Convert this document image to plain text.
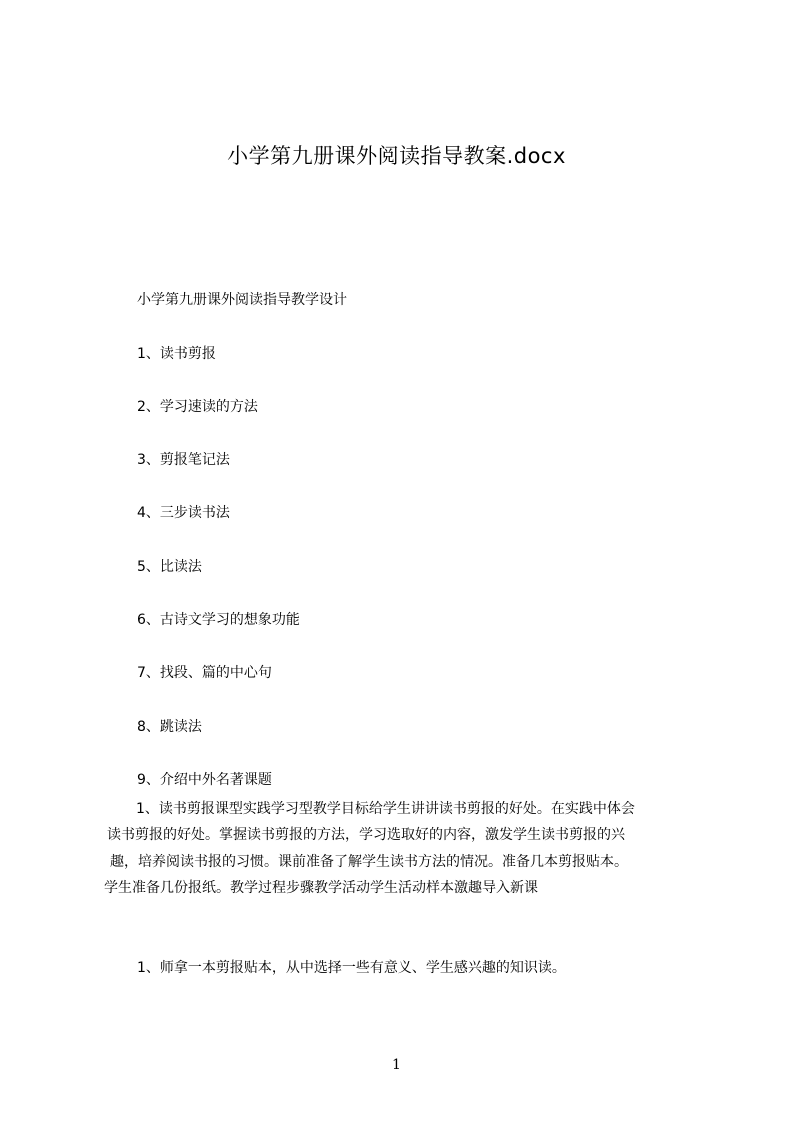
小学第九册课外阅读指导教案.docx
小学第九册课外阅读指导教学设计
1、读书剪报
2、学习速读的方法
3、剪报笔记法
4、三步读书法
5、比读法
6、古诗文学习的想象功能
7、找段、篇的中心句
8、跳读法
9、介绍中外名著课题
1、读书剪报课型实践学习型教学目标给学生讲讲读书剪报的好处。在实践中体会
读书剪报的好处。掌握读书剪报的方法，学习选取好的内容，激发学生读书剪报的兴
趣，培养阅读书报的习惯。课前准备了解学生读书方法的情况。准备几本剪报贴本。
学生准备几份报纸。教学过程步骤教学活动学生活动样本激趣导入新课
1、师拿一本剪报贴本，从中选择一些有意义、学生感兴趣的知识读。
1
